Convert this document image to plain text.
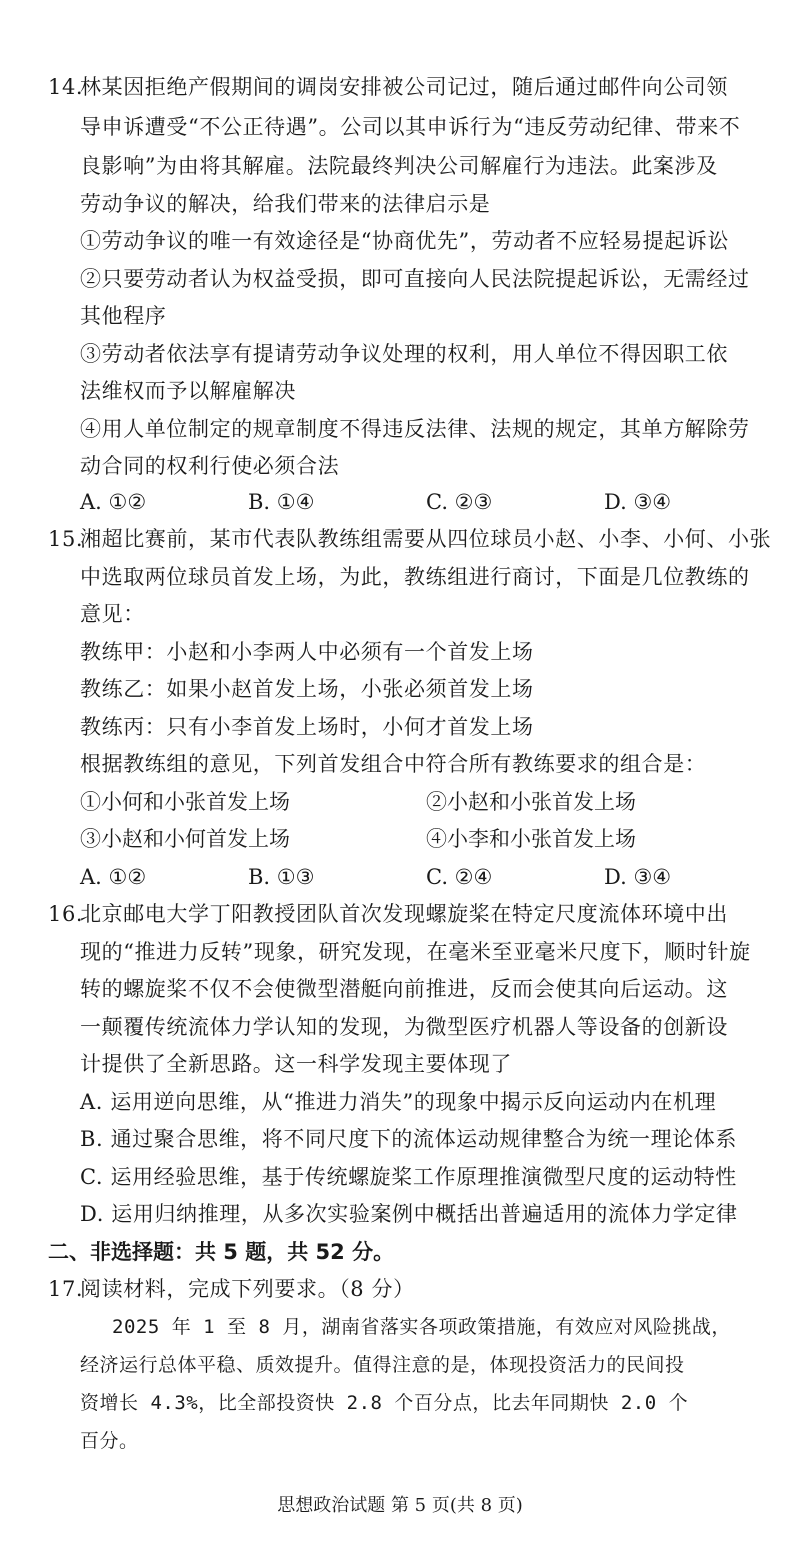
14.林某因拒绝产假期间的调岗安排被公司记过，随后通过邮件向公司领
导申诉遭受“不公正待遇”。公司以其申诉行为“违反劳动纪律、带来不
良影响”为由将其解雇。法院最终判决公司解雇行为违法。此案涉及
劳动争议的解决，给我们带来的法律启示是
①劳动争议的唯一有效途径是“协商优先”，劳动者不应轻易提起诉讼
②只要劳动者认为权益受损，即可直接向人民法院提起诉讼，无需经过
其他程序
③劳动者依法享有提请劳动争议处理的权利，用人单位不得因职工依
法维权而予以解雇解决
④用人单位制定的规章制度不得违反法律、法规的规定，其单方解除劳
动合同的权利行使必须合法
A. ①②	B. ①④	C. ②③	D. ③④
15.湘超比赛前，某市代表队教练组需要从四位球员小赵、小李、小何、小张
中选取两位球员首发上场，为此，教练组进行商讨，下面是几位教练的
意见：
教练甲：小赵和小李两人中必须有一个首发上场
教练乙：如果小赵首发上场，小张必须首发上场
教练丙：只有小李首发上场时，小何才首发上场
根据教练组的意见，下列首发组合中符合所有教练要求的组合是：
①小何和小张首发上场	②小赵和小张首发上场
③小赵和小何首发上场	④小李和小张首发上场
A. ①②	B. ①③	C. ②④	D. ③④
16.北京邮电大学丁阳教授团队首次发现螺旋桨在特定尺度流体环境中出
现的“推进力反转”现象，研究发现，在毫米至亚毫米尺度下，顺时针旋
转的螺旋桨不仅不会使微型潜艇向前推进，反而会使其向后运动。这
一颠覆传统流体力学认知的发现，为微型医疗机器人等设备的创新设
计提供了全新思路。这一科学发现主要体现了
A. 运用逆向思维，从“推进力消失”的现象中揭示反向运动内在机理
B. 通过聚合思维，将不同尺度下的流体运动规律整合为统一理论体系
C. 运用经验思维，基于传统螺旋桨工作原理推演微型尺度的运动特性
D. 运用归纳推理，从多次实验案例中概括出普遍适用的流体力学定律
二、非选择题：共 5 题，共 52 分。
17.阅读材料，完成下列要求。（8 分）
2025 年 1 至 8 月，湖南省落实各项政策措施，有效应对风险挑战，
经济运行总体平稳、质效提升。值得注意的是，体现投资活力的民间投
资增长 4.3%，比全部投资快 2.8 个百分点，比去年同期快 2.0 个
百分。
思想政治试题 第 5 页(共 8 页)
